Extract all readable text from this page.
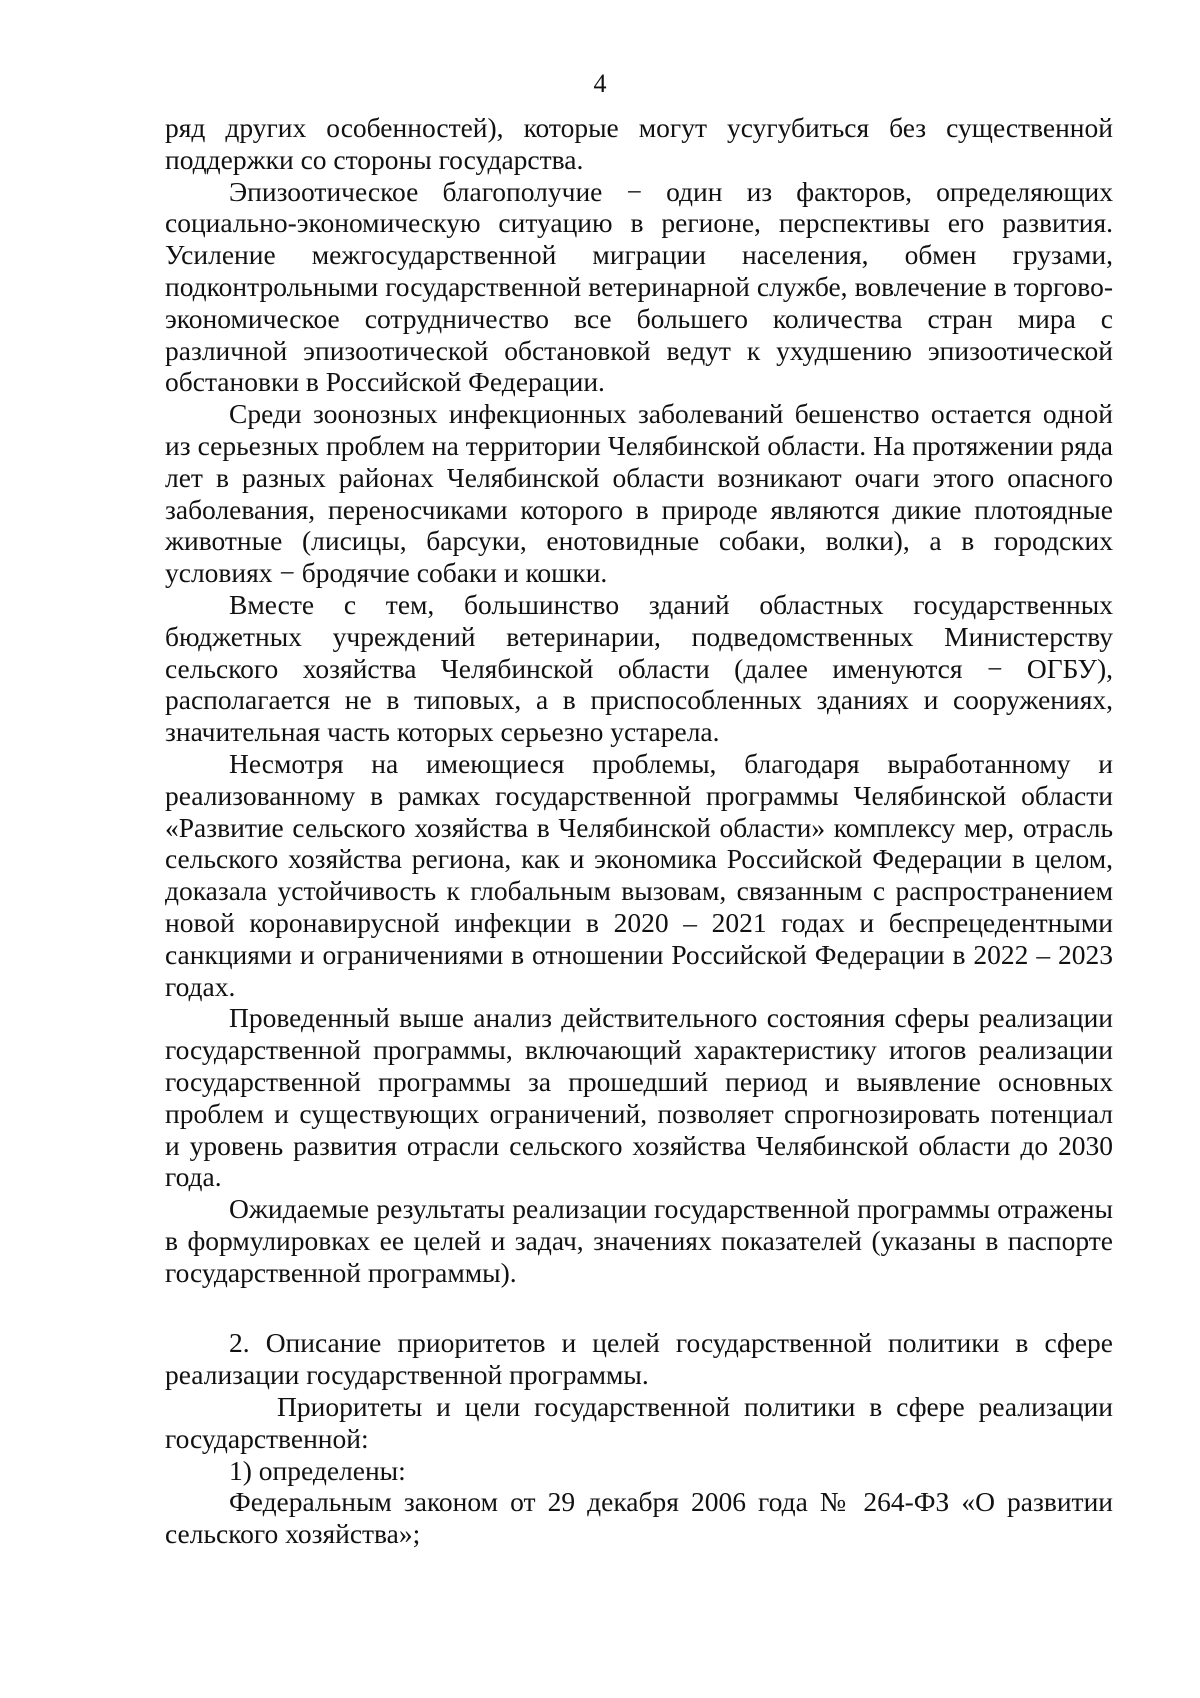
4

ряд других особенностей), которые могут усугубиться без существенной поддержки со стороны государства.

Эпизоотическое благополучие − один из факторов, определяющих социально-экономическую ситуацию в регионе, перспективы его развития. Усиление межгосударственной миграции населения, обмен грузами, подконтрольными государственной ветеринарной службе, вовлечение в торгово-экономическое сотрудничество все большего количества стран мира с различной эпизоотической обстановкой ведут к ухудшению эпизоотической обстановки в Российской Федерации.

Среди зоонозных инфекционных заболеваний бешенство остается одной из серьезных проблем на территории Челябинской области. На протяжении ряда лет в разных районах Челябинской области возникают очаги этого опасного заболевания, переносчиками которого в природе являются дикие плотоядные животные (лисицы, барсуки, енотовидные собаки, волки), а в городских условиях − бродячие собаки и кошки.

Вместе с тем, большинство зданий областных государственных бюджетных учреждений ветеринарии, подведомственных Министерству сельского хозяйства Челябинской области (далее именуются − ОГБУ), располагается не в типовых, а в приспособленных зданиях и сооружениях, значительная часть которых серьезно устарела.

Несмотря на имеющиеся проблемы, благодаря выработанному и реализованному в рамках государственной программы Челябинской области «Развитие сельского хозяйства в Челябинской области» комплексу мер, отрасль сельского хозяйства региона, как и экономика Российской Федерации в целом, доказала устойчивость к глобальным вызовам, связанным с распространением новой коронавирусной инфекции в 2020 – 2021 годах и беспрецедентными санкциями и ограничениями в отношении Российской Федерации в 2022 – 2023 годах.

Проведенный выше анализ действительного состояния сферы реализации государственной программы, включающий характеристику итогов реализации государственной программы за прошедший период и выявление основных проблем и существующих ограничений, позволяет спрогнозировать потенциал и уровень развития отрасли сельского хозяйства Челябинской области до 2030 года.

Ожидаемые результаты реализации государственной программы отражены в формулировках ее целей и задач, значениях показателей (указаны в паспорте государственной программы).

2. Описание приоритетов и целей государственной политики в сфере реализации государственной программы.

Приоритеты и цели государственной политики в сфере реализации государственной:

1) определены:

Федеральным законом от 29 декабря 2006 года № 264-ФЗ «О развитии сельского хозяйства»;
